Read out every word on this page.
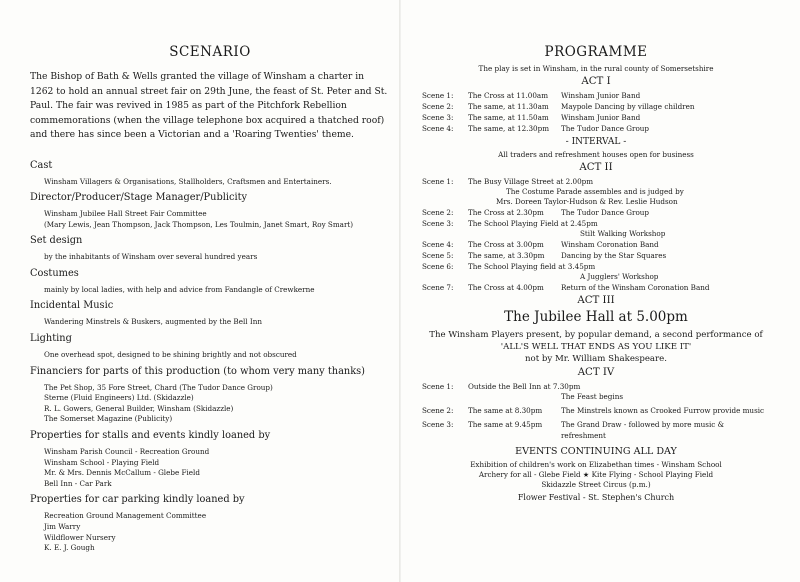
SCENARIO

The Bishop of Bath & Wells granted the village of Winsham a charter in 1262 to hold an annual street fair on 29th June, the feast of St. Peter and St. Paul. The fair was revived in 1985 as part of the Pitchfork Rebellion commemorations (when the village telephone box acquired a thatched roof) and there has since been a Victorian and a 'Roaring Twenties' theme.

Cast
Winsham Villagers & Organisations, Stallholders, Craftsmen and Entertainers.
Director/Producer/Stage Manager/Publicity
Winsham Jubilee Hall Street Fair Committee
(Mary Lewis, Jean Thompson, Jack Thompson, Les Toulmin, Janet Smart, Roy Smart)
Set design
by the inhabitants of Winsham over several hundred years
Costumes
mainly by local ladies, with help and advice from Fandangle of Crewkerne
Incidental Music
Wandering Minstrels & Buskers, augmented by the Bell Inn
Lighting
One overhead spot, designed to be shining brightly and not obscured
Financiers for parts of this production (to whom very many thanks)
The Pet Shop, 35 Fore Street, Chard (The Tudor Dance Group)
Sterne (Fluid Engineers) Ltd. (Skidazzle)
R. L. Gowers, General Builder, Winsham (Skidazzle)
The Somerset Magazine (Publicity)
Properties for stalls and events kindly loaned by
Winsham Parish Council - Recreation Ground
Winsham School - Playing Field
Mr. & Mrs. Dennis McCallum - Glebe Field
Bell Inn - Car Park
Properties for car parking kindly loaned by
Recreation Ground Management Committee
Jim Warry
Wildflower Nursery
K. E. J. Gough
PROGRAMME
The play is set in Winsham, in the rural county of Somersetshire
ACT I
Scene 1:	The Cross at 11.00am	Winsham Junior Band
Scene 2:	The same, at 11.30am	Maypole Dancing by village children
Scene 3:	The same, at 11.50am	Winsham Junior Band
Scene 4:	The same, at 12.30pm	The Tudor Dance Group
- INTERVAL -
All traders and refreshment houses open for business
ACT II
Scene 1:	The Busy Village Street at 2.00pm
The Costume Parade assembles and is judged by
Mrs. Doreen Taylor-Hudson & Rev. Leslie Hudson
Scene 2:	The Cross at 2.30pm	The Tudor Dance Group
Scene 3:	The School Playing Field at 2.45pm
Stilt Walking Workshop
Scene 4:	The Cross at 3.00pm	Winsham Coronation Band
Scene 5:	The same, at 3.30pm	Dancing by the Star Squares
Scene 6:	The School Playing field at 3.45pm
A Jugglers' Workshop
Scene 7:	The Cross at 4.00pm	Return of the Winsham Coronation Band
ACT III
The Jubilee Hall at 5.00pm
The Winsham Players present, by popular demand, a second performance of
'ALL'S WELL THAT ENDS AS YOU LIKE IT'
not by Mr. William Shakespeare.
ACT IV
Scene 1:	Outside the Bell Inn at 7.30pm
The Feast begins
Scene 2:	The same at 8.30pm	The Minstrels known as Crooked Furrow provide music
Scene 3:	The same at 9.45pm	The Grand Draw - followed by more music & refreshment
EVENTS CONTINUING ALL DAY
Exhibition of children's work on Elizabethan times - Winsham School
Archery for all - Glebe Field ★ Kite Flying - School Playing Field
Skidazzle Street Circus (p.m.)
Flower Festival - St. Stephen's Church
